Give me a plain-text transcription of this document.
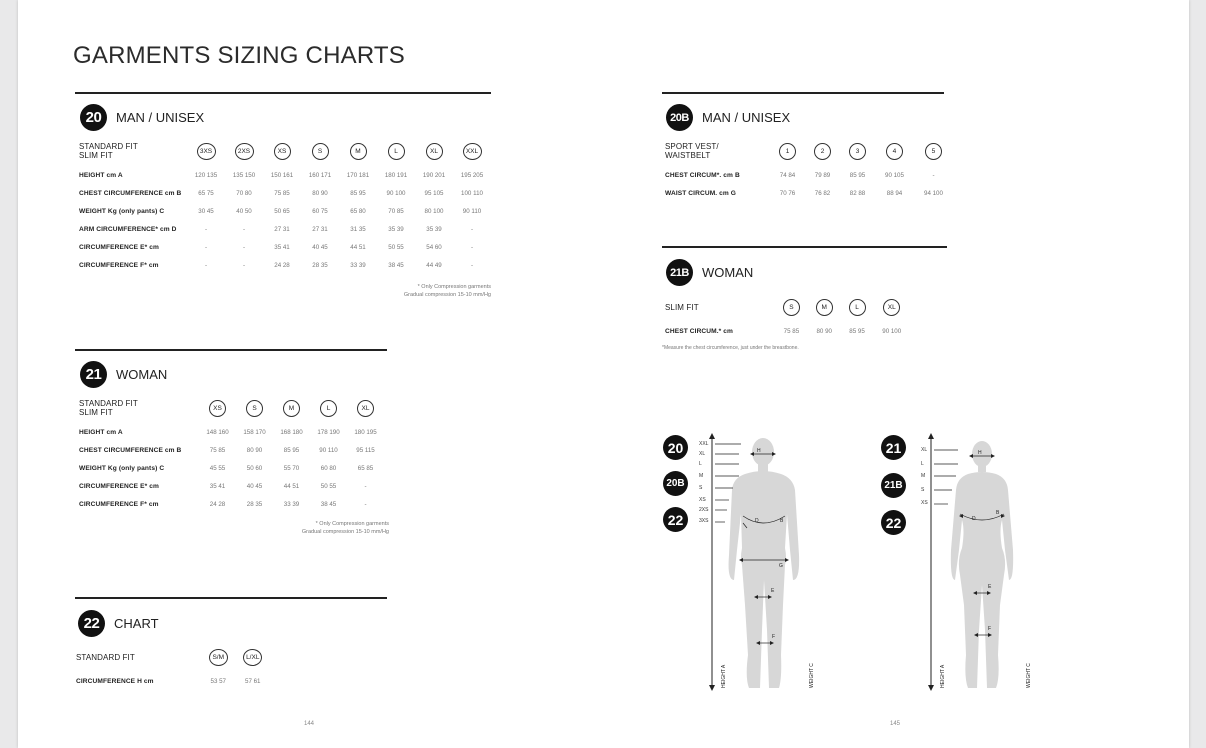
GARMENTS SIZING CHARTS
20	MAN / UNISEX
STANDARD FIT
SLIM FIT	3XS	2XS	XS	S	M	L	XL	XXL
HEIGHT cm A	120 135	135 150	150 161	160 171	170 181	180 191	190 201	195 205
CHEST CIRCUMFERENCE cm B	65 75	70 80	75 85	80 90	85 95	90 100	95 105	100 110
WEIGHT Kg (only pants) C	30 45	40 50	50 65	60 75	65 80	70 85	80 100	90 110
ARM CIRCUMFERENCE* cm D	-	-	27 31	27 31	31 35	35 39	35 39	-
CIRCUMFERENCE E* cm	-	-	35 41	40 45	44 51	50 55	54 60	-
CIRCUMFERENCE F* cm	-	-	24 28	28 35	33 39	38 45	44 49	-
* Only Compression garments
Gradual compression 15-10 mm/Hg
21	WOMAN
STANDARD FIT
SLIM FIT	XS	S	M	L	XL
HEIGHT cm A	148 160	158 170	168 180	178 190	180 195
CHEST CIRCUMFERENCE cm B	75 85	80 90	85 95	90 110	95 115
WEIGHT Kg (only pants) C	45 55	50 60	55 70	60 80	65 85
CIRCUMFERENCE E* cm	35 41	40 45	44 51	50 55	-
CIRCUMFERENCE F* cm	24 28	28 35	33 39	38 45	-
* Only Compression garments
Gradual compression 15-10 mm/Hg
22	CHART
STANDARD FIT	S/M	L/XL
CIRCUMFERENCE H cm	53 57	57 61
144
20B	MAN / UNISEX
SPORT VEST/
WAISTBELT	1	2	3	4	5
CHEST CIRCUM*. cm B	74 84	79 89	85 95	90 105	-
WAIST CIRCUM. cm G	70 76	76 82	82 88	88 94	94 100
21B	WOMAN
SLIM FIT	S	M	L	XL
CHEST CIRCUM.* cm	75 85	80 90	85 95	90 100
*Measure the chest circumference, just under the breastbone.
20
20B
22
H
D	B
G
E
F
HEIGHT A	WEIGHT C
XXL
XL
L
M
S
XS
2XS
3XS
21
21B
22
H
D
B
E
F
HEIGHT A	WEIGHT C
XL
L
M
S
XS
145
